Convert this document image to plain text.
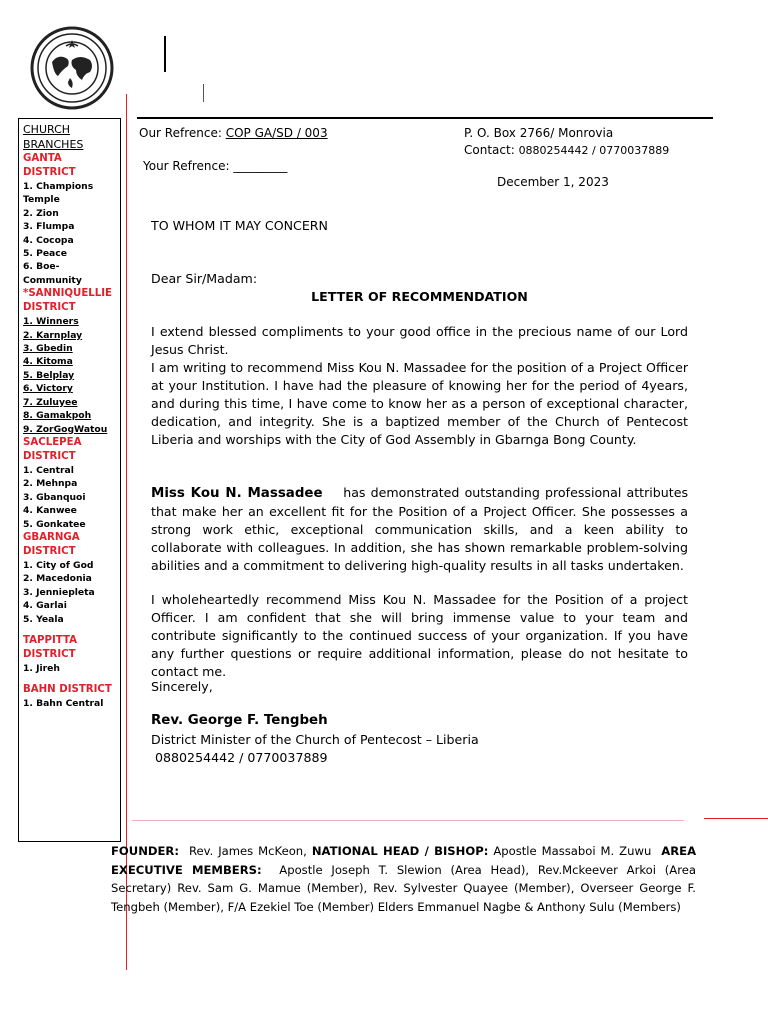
CHURCH BRANCHES
GANTA DISTRICT
1. Champions Temple
2. Zion
3. Flumpa
4. Cocopa
5. Peace
6. Boe-Community
*SANNIQUELLIE DISTRICT
1. Winners
2. Karnplay
3. Gbedin
4. Kitoma
5. Belplay
6. Victory
7. Zuluyee
8. Gamakpoh
9. ZorGogWatou
SACLEPEA DISTRICT
1. Central
2. Mehnpa
3. Gbanquoi
4. Kanwee
5. Gonkatee
GBARNGA DISTRICT
1. City of God
2. Macedonia
3. Jenniepleta
4. Garlai
5. Yeala
TAPPITTA DISTRICT
1. Jireh
BAHN DISTRICT
1. Bahn Central
Our Refrence: COP GA/SD / 003
Your Refrence: _________
P. O. Box 2766/ Monrovia
Contact: 0880254442 / 0770037889
December 1, 2023
TO WHOM IT MAY CONCERN
Dear Sir/Madam:
LETTER OF RECOMMENDATION

I extend blessed compliments to your good office in the precious name of our Lord Jesus Christ.

I am writing to recommend Miss Kou N. Massadee for the position of a Project Officer at your Institution. I have had the pleasure of knowing her for the period of 4years, and during this time, I have come to know her as a person of exceptional character, dedication, and integrity. She is a baptized member of the Church of Pentecost Liberia and worships with the City of God Assembly in Gbarnga Bong County.

Miss Kou N. Massadee has demonstrated outstanding professional attributes that make her an excellent fit for the Position of a Project Officer. She possesses a strong work ethic, exceptional communication skills, and a keen ability to collaborate with colleagues. In addition, she has shown remarkable problem-solving abilities and a commitment to delivering high-quality results in all tasks undertaken.

I wholeheartedly recommend Miss Kou N. Massadee for the Position of a project Officer. I am confident that she will bring immense value to your team and contribute significantly to the continued success of your organization. If you have any further questions or require additional information, please do not hesitate to contact me.
Sincerely,
Rev. George F. Tengbeh
District Minister of the Church of Pentecost – Liberia
0880254442 / 0770037889
FOUNDER: Rev. James McKeon, NATIONAL HEAD / BISHOP: Apostle Massaboi M. Zuwu AREA EXECUTIVE MEMBERS: Apostle Joseph T. Slewion (Area Head), Rev.Mckeever Arkoi (Area Secretary) Rev. Sam G. Mamue (Member), Rev. Sylvester Quayee (Member), Overseer George F. Tengbeh (Member), F/A Ezekiel Toe (Member) Elders Emmanuel Nagbe & Anthony Sulu (Members)
